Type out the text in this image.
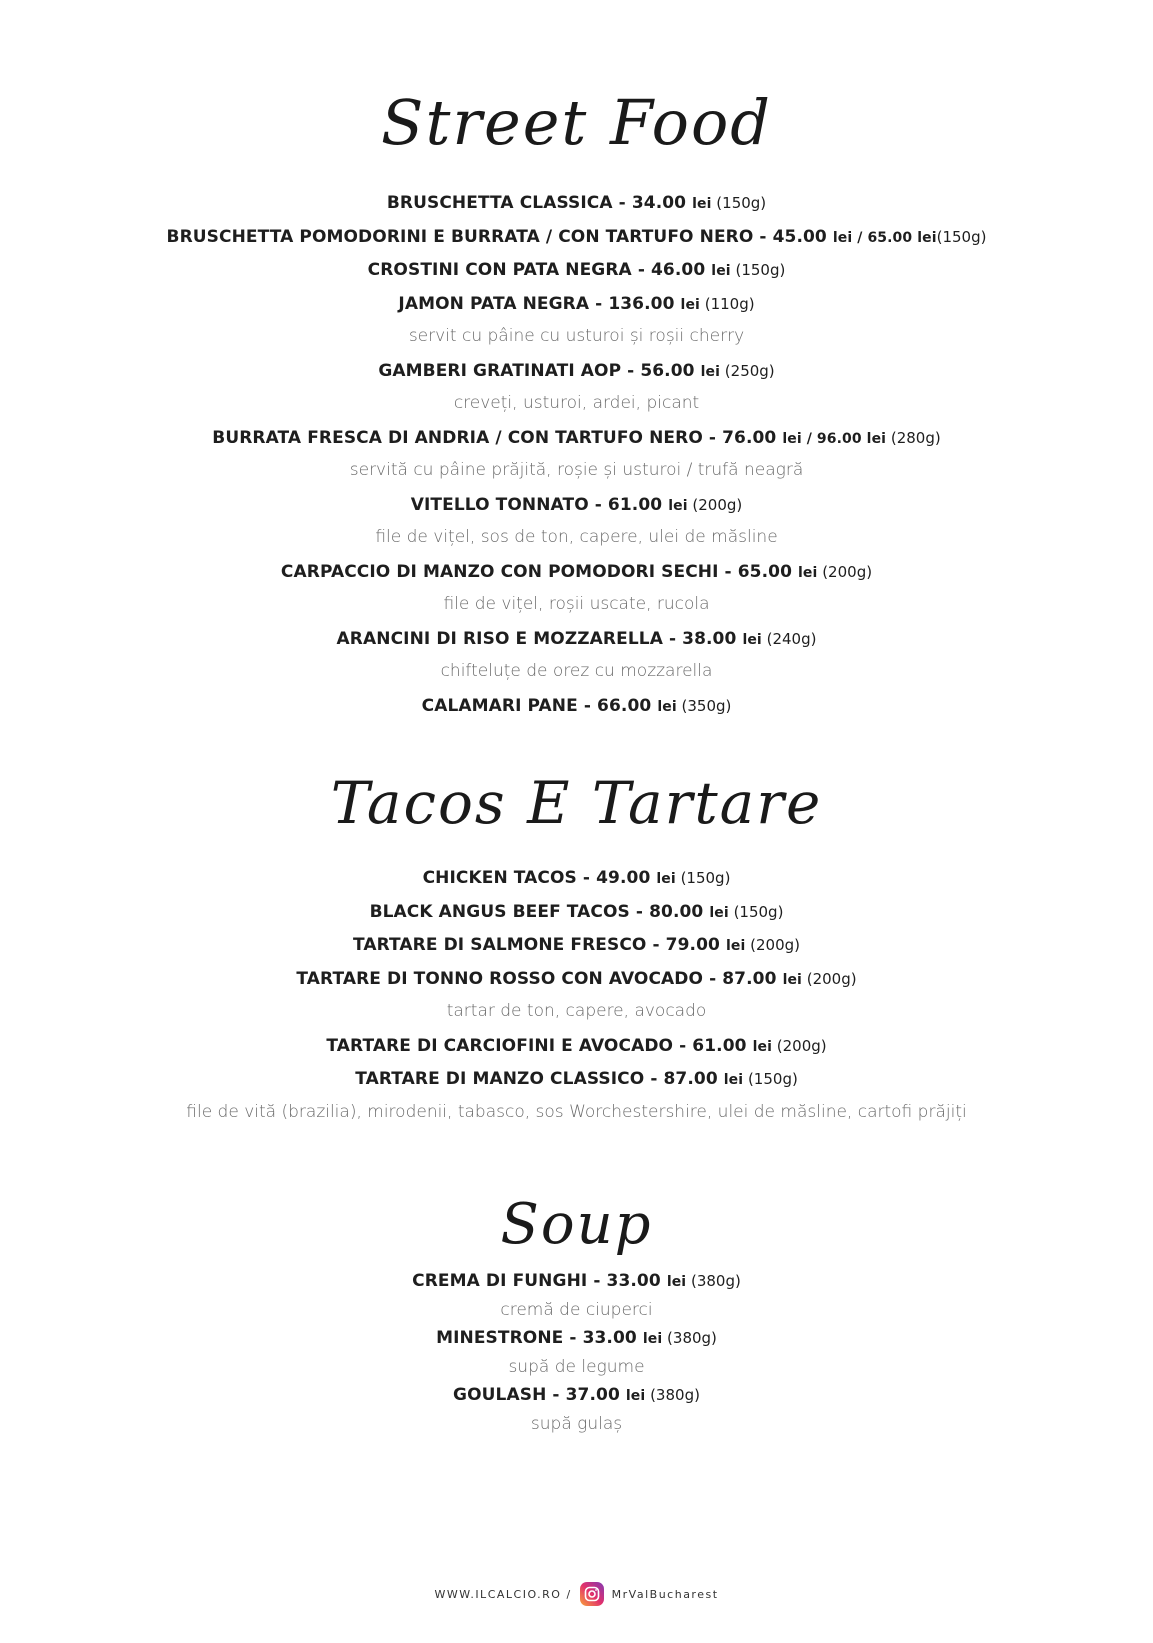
Street Food
BRUSCHETTA CLASSICA - 34.00 lei (150g)
BRUSCHETTA POMODORINI E BURRATA / CON TARTUFO NERO - 45.00 lei / 65.00 lei(150g)
CROSTINI CON PATA NEGRA - 46.00 lei (150g)
JAMON PATA NEGRA - 136.00 lei (110g)
servit cu pâine cu usturoi și roșii cherry
GAMBERI GRATINATI AOP - 56.00 lei (250g)
creveți, usturoi, ardei, picant
BURRATA FRESCA DI ANDRIA / CON TARTUFO NERO - 76.00 lei / 96.00 lei (280g)
servită cu pâine prăjită, roșie și usturoi / trufă neagră
VITELLO TONNATO - 61.00 lei (200g)
file de vițel, sos de ton, capere, ulei de măsline
CARPACCIO DI MANZO CON POMODORI SECHI - 65.00 lei (200g)
file de vițel, roșii uscate, rucola
ARANCINI DI RISO E MOZZARELLA - 38.00 lei (240g)
chifteluțe de orez cu mozzarella
CALAMARI PANE - 66.00 lei (350g)
Tacos E Tartare
CHICKEN TACOS - 49.00 lei (150g)
BLACK ANGUS BEEF TACOS - 80.00 lei (150g)
TARTARE DI SALMONE FRESCO - 79.00 lei (200g)
TARTARE DI TONNO ROSSO CON AVOCADO - 87.00 lei (200g)
tartar de ton, capere, avocado
TARTARE DI CARCIOFINI E AVOCADO - 61.00 lei (200g)
TARTARE DI MANZO CLASSICO - 87.00 lei (150g)
file de vită (brazilia), mirodenii, tabasco, sos Worchestershire, ulei de măsline, cartofi prăjiți
Soup
CREMA DI FUNGHI - 33.00 lei (380g)
cremă de ciuperci
MINESTRONE - 33.00 lei (380g)
supă de legume
GOULASH - 37.00 lei (380g)
supă gulaș
WWW.ILCALCIO.RO /	MrValBucharest
